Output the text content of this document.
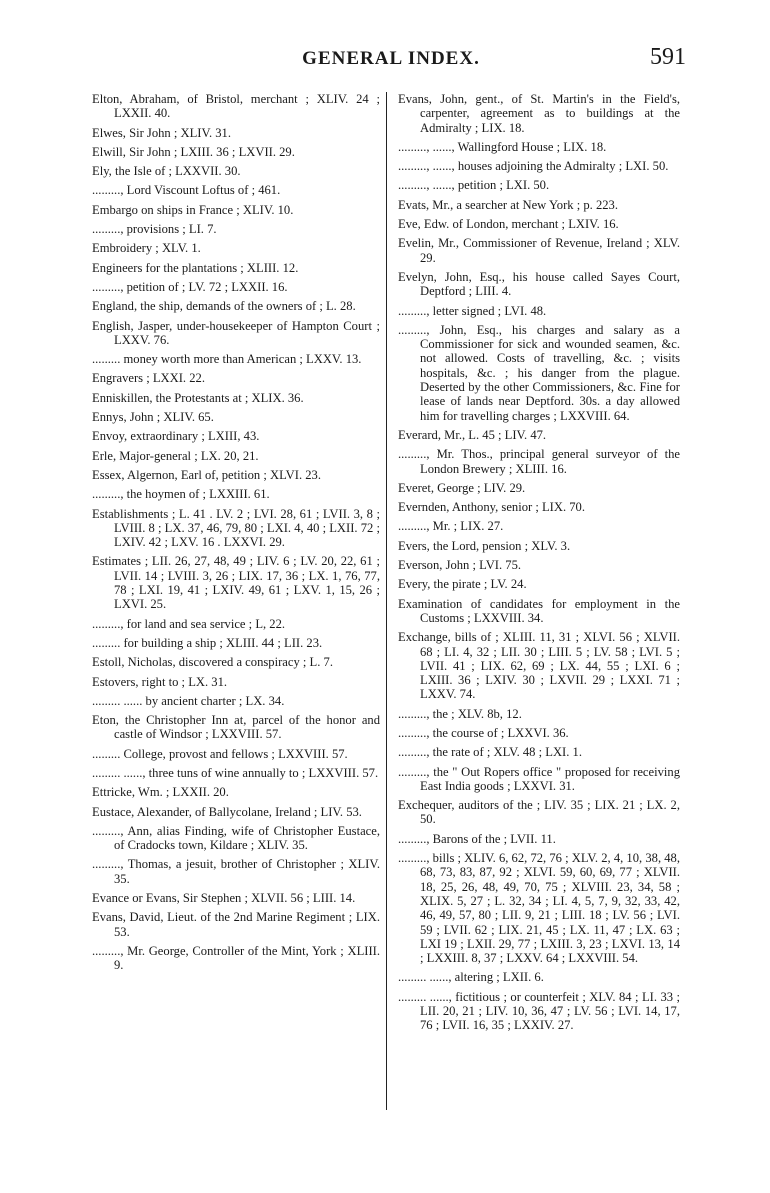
GENERAL INDEX.	591

Elton, Abraham, of Bristol, merchant ; XLIV. 24 ; LXXII. 40.

Elwes, Sir John ; XLIV. 31.

Elwill, Sir John ; LXIII. 36 ; LXVII. 29.

Ely, the Isle of ; LXXVII. 30.

........., Lord Viscount Loftus of ; 461.

Embargo on ships in France ; XLIV. 10.

........., provisions ; LI. 7.

Embroidery ; XLV. 1.

Engineers for the plantations ; XLIII. 12.

........., petition of ; LV. 72 ; LXXII. 16.

England, the ship, demands of the owners of ; L. 28.

English, Jasper, under-housekeeper of Hampton Court ; LXXV. 76.

......... money worth more than American ; LXXV. 13.

Engravers ; LXXI. 22.

Enniskillen, the Protestants at ; XLIX. 36.

Ennys, John ; XLIV. 65.

Envoy, extraordinary ; LXIII, 43.

Erle, Major-general ; LX. 20, 21.

Essex, Algernon, Earl of, petition ; XLVI. 23.

........., the hoymen of ; LXXIII. 61.

Establishments ; L. 41 . LV. 2 ; LVI. 28, 61 ; LVII. 3, 8 ; LVIII. 8 ; LX. 37, 46, 79, 80 ; LXI. 4, 40 ; LXII. 72 ; LXIV. 42 ; LXV. 16 . LXXVI. 29.

Estimates ; LII. 26, 27, 48, 49 ; LIV. 6 ; LV. 20, 22, 61 ; LVII. 14 ; LVIII. 3, 26 ; LIX. 17, 36 ; LX. 1, 76, 77, 78 ; LXI. 19, 41 ; LXIV. 49, 61 ; LXV. 1, 15, 26 ; LXVI. 25.

........., for land and sea service ; L, 22.

......... for building a ship ; XLIII. 44 ; LII. 23.

Estoll, Nicholas, discovered a conspiracy ; L. 7.

Estovers, right to ; LX. 31.

......... ...... by ancient charter ; LX. 34.

Eton, the Christopher Inn at, parcel of the honor and castle of Windsor ; LXXVIII. 57.

......... College, provost and fellows ; LXXVIII. 57.

......... ......, three tuns of wine annually to ; LXXVIII. 57.

Ettricke, Wm. ; LXXII. 20.

Eustace, Alexander, of Ballycolane, Ireland ; LIV. 53.

........., Ann, alias Finding, wife of Christopher Eustace, of Cradocks town, Kildare ; XLIV. 35.

........., Thomas, a jesuit, brother of Christopher ; XLIV. 35.

Evance or Evans, Sir Stephen ; XLVII. 56 ; LIII. 14.

Evans, David, Lieut. of the 2nd Marine Regiment ; LIX. 53.

........., Mr. George, Controller of the Mint, York ; XLIII. 9.

Evans, John, gent., of St. Martin's in the Field's, carpenter, agreement as to buildings at the Admiralty ; LIX. 18.

........., ......, Wallingford House ; LIX. 18.

........., ......, houses adjoining the Admiralty ; LXI. 50.

........., ......, petition ; LXI. 50.

Evats, Mr., a searcher at New York ; p. 223.

Eve, Edw. of London, merchant ; LXIV. 16.

Evelin, Mr., Commissioner of Revenue, Ireland ; XLV. 29.

Evelyn, John, Esq., his house called Sayes Court, Deptford ; LIII. 4.

........., letter signed ; LVI. 48.

........., John, Esq., his charges and salary as a Commissioner for sick and wounded seamen, &c. not allowed. Costs of travelling, &c. ; visits hospitals, &c. ; his danger from the plague. Deserted by the other Commissioners, &c. Fine for lease of lands near Deptford. 30s. a day allowed him for travelling charges ; LXXVIII. 64.

Everard, Mr., L. 45 ; LIV. 47.

........., Mr. Thos., principal general surveyor of the London Brewery ; XLIII. 16.

Everet, George ; LIV. 29.

Evernden, Anthony, senior ; LIX. 70.

........., Mr. ; LIX. 27.

Evers, the Lord, pension ; XLV. 3.

Everson, John ; LVI. 75.

Every, the pirate ; LV. 24.

Examination of candidates for employment in the Customs ; LXXVIII. 34.

Exchange, bills of ; XLIII. 11, 31 ; XLVI. 56 ; XLVII. 68 ; LI. 4, 32 ; LII. 30 ; LIII. 5 ; LV. 58 ; LVI. 5 ; LVII. 41 ; LIX. 62, 69 ; LX. 44, 55 ; LXI. 6 ; LXIII. 36 ; LXIV. 30 ; LXVII. 29 ; LXXI. 71 ; LXXV. 74.

........., the ; XLV. 8b, 12.

........., the course of ; LXXVI. 36.

........., the rate of ; XLV. 48 ; LXI. 1.

........., the " Out Ropers office " proposed for receiving East India goods ; LXXVI. 31.

Exchequer, auditors of the ; LIV. 35 ; LIX. 21 ; LX. 2, 50.

........., Barons of the ; LVII. 11.

........., bills ; XLIV. 6, 62, 72, 76 ; XLV. 2, 4, 10, 38, 48, 68, 73, 83, 87, 92 ; XLVI. 59, 60, 69, 77 ; XLVII. 18, 25, 26, 48, 49, 70, 75 ; XLVIII. 23, 34, 58 ; XLIX. 5, 27 ; L. 32, 34 ; LI. 4, 5, 7, 9, 32, 33, 42, 46, 49, 57, 80 ; LII. 9, 21 ; LIII. 18 ; LV. 56 ; LVI. 59 ; LVII. 62 ; LIX. 21, 45 ; LX. 11, 47 ; LX. 63 ; LXI 19 ; LXII. 29, 77 ; LXIII. 3, 23 ; LXVI. 13, 14 ; LXXIII. 8, 37 ; LXXV. 64 ; LXXVIII. 54.

......... ......, altering ; LXII. 6.

......... ......, fictitious ; or counterfeit ; XLV. 84 ; LI. 33 ; LII. 20, 21 ; LIV. 10, 36, 47 ; LV. 56 ; LVI. 14, 17, 76 ; LVII. 16, 35 ; LXXIV. 27.
